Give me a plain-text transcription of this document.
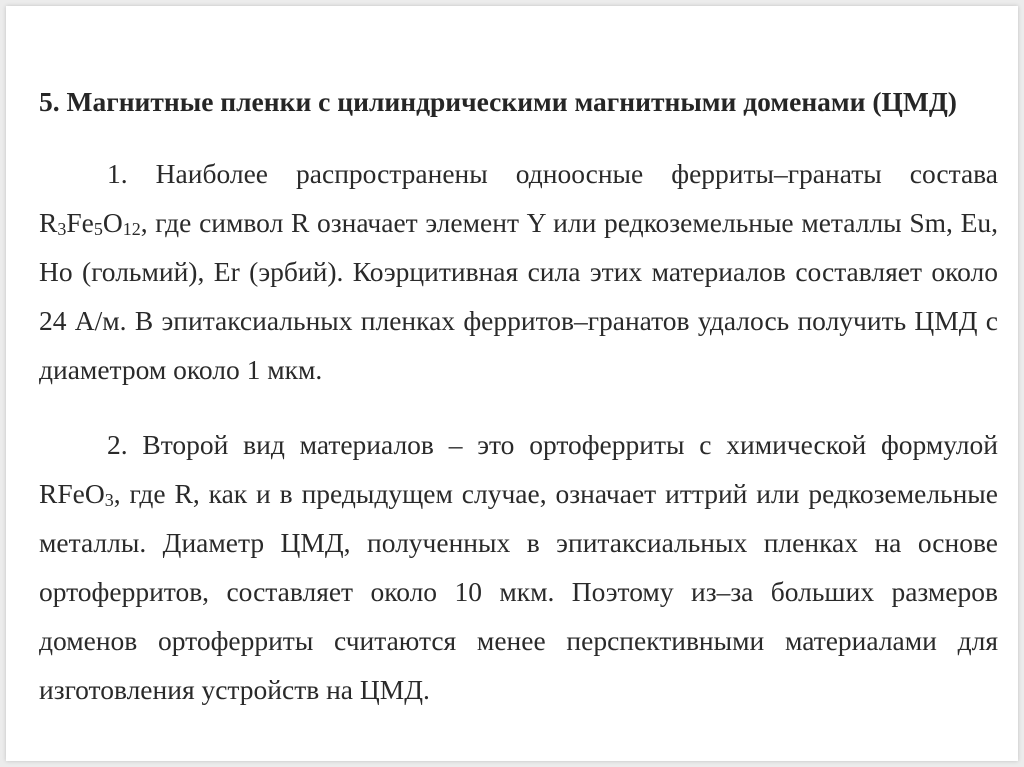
5. Магнитные пленки с цилиндрическими магнитными доменами (ЦМД)

1. Наиболее распространены одноосные ферриты–гранаты состава $R_3Fe_5O_{12}$, где символ R означает элемент Y или редкоземельные металлы Sm, Eu, Ho (гольмий), Er (эрбий). Коэрцитивная сила этих материалов составляет около 24 А/м. В эпитаксиальных пленках ферритов–гранатов удалось получить ЦМД с диаметром около 1 мкм.

2. Второй вид материалов – это ортоферриты с химической формулой RFeO$_3$, где R, как и в предыдущем случае, означает иттрий или редкоземельные металлы. Диаметр ЦМД, полученных в эпитаксиальных пленках на основе ортоферритов, составляет около 10 мкм. Поэтому из–за больших размеров доменов ортоферриты считаются менее перспективными материалами для изготовления устройств на ЦМД.
